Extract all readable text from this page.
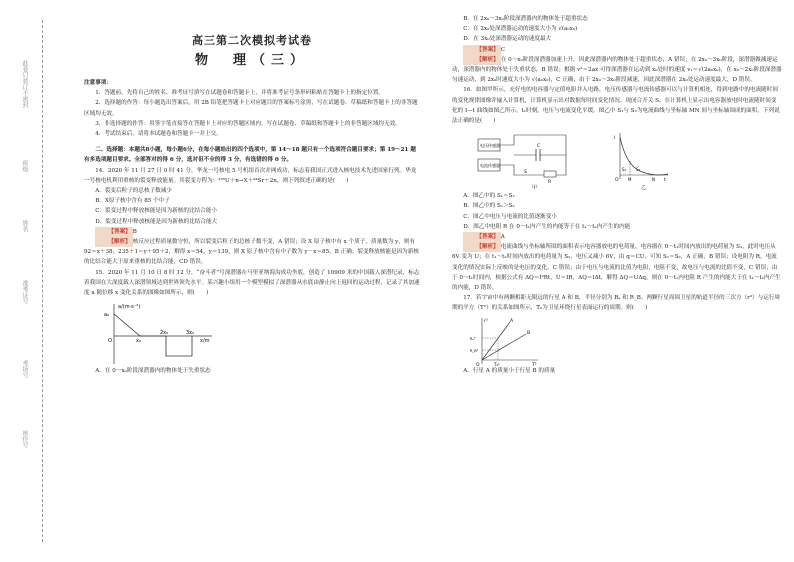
此卷只装订不密封
班级
姓名
准考证号
考场号
座位号
高三第二次模拟考试卷
物　理（三）

注意事项：

1．答题前，先将自己的姓名、准考证号填写在试题卷和答题卡上，并将准考证号条形码粘贴在答题卡上的指定位置。

2．选择题的作答：每小题选出答案后，用 2B 铅笔把答题卡上对应题目的答案标号涂黑，写在试题卷、草稿纸和答题卡上的非答题区域均无效。

3．非选择题的作答：用签字笔直接答在答题卡上对应的答题区域内。写在试题卷、草稿纸和答题卡上的非答题区域均无效。

4．考试结束后，请将本试题卷和答题卡一并上交。

二、选择题：本题共8小题，每小题6分，在每小题给出的四个选项中，第 14～18 题只有一个选项符合题目要求；第 19～21 题有多选项题目要求。全部答对的得 6 分，选对但不全的得 3 分，有选错的得 0 分。

14．2020 年 11 月 27 日 0 时 41 分，华龙一号核电 5 号机组首次并网成功，标志着我国正式进入核电技术先进国家行列。华龙一号核电机利用重核的裂变释放能量。其裂变方程为：²³⁵U＋n→X＋⁹⁴Sr＋2n，则下列叙述正确的是(　　)

A．裂变后粒子的总核子数减少

B．X原子核中含有 85 个中子

C．裂变过程中释放核能是因为新核的比结合能小

D．裂变过程中释放核能是因为新核的比结合能大

【答案】 B

【解析】 核反应过程质量数守恒，所以裂变后粒子的总核子数不变，A 错误；设 X 原子核中有 x 个质子，质量数为 y，则有 92＝x＋38，235＋1＝y＋95＋2，解得 x＝54，y＝139，则 X 原子核中含有中子数为 y－x＝85，B 正确；裂变释放核能是因为新核的比结合能大于原来重核的比结合能，CD 错误。

15．2020 年 11 月 10 日 8 时 12 分，“奋斗者”号深潜器在马里亚纳海沟成功坐底，创造了 10909 米的中国载人深潜纪录，标志着我国在大深度载人深潜领域达到世界领先水平。某兴趣小组用一个模型模拟了深潜器从水底由静止向上返回的运动过程，记录了其加速度 a 随位移 x 变化关系的图像如图所示，则(　　)

a/(m·s⁻²)
a₀
O	x₀
2x₀	3x₀
x/m

A．在 0～x₀阶段深潜器内的物体处于失重状态

B．在 2x₀～3x₀阶段深潜器内的物体处于超重状态

C．在 2x₀处深潜器运动的速度大小为 √(a₀x₀)

D．在 3x₀处深潜器运动的速度最大

【答案】 C

【解析】 在 0～x₀阶段深潜器加速上升，因此深潜器内的物体处于超重状态，A 错误；在 2x₀～3x₀阶段，深潜器做减速运动，深潜器内的物体处于失重状态，B 错误；根据 v²＝2ax 可得深潜器在运动到 x₀处时的速度 v₁＝√(2a₀x₀)，在 x₀～2x₀阶段深潜器匀速运动，到 2x₀时速度大小为 √(a₀x₀)，C 正确；由于 2x₀～3x₀阶段减速，因此深潜器在 2x₀处运动速度最大，D 错误。

16．如图甲所示，充好电的电容器与定值电阻并入电路，电压传感器与电流传感器可以与计算机相连，得到电路中的电流随时间的变化规律图像并输入计算机，计算机显示出对数据每时间变化情况。现闭合开关 S，在计算机上显示出电容器放电时电流随时间变化的 I—t 曲线如图乙所示。t₁时刻，电压与电流变化平缓。图乙中 S₁与 S₂为电流曲线与坐标轴 MN 间与坐标轴围成的面积，下列说法正确的是(　　)

电压传感器
电流传感器
R
C
S
S₁ S₂
I
t
O M	N
甲	乙

A．图乙中的 S₁＝S₂

B．图乙中的 S₁＞S₂

C．图乙中电压与电流的比值逐渐变小

D．图乙中电阻 R 在 0～t₁内产生的内能等于在 t₁～t₂内产生的内能

【答案】 A

【解析】 电流曲线与坐标轴所围的面积表示电容器放电的电荷量，电容器在 0～t₁时间内放出的电荷量为 S₁，此时电压从 6V 变为 U；在 t₁～t₂时间内放出的电荷量为 S₂，电压又减小 6V，由 q＝CU，可知 S₁＝S₂，A 正确，B 错误；设电阻为 R，电流变化的情况实际上反映的是电压的变化，C 错误；由于电压与电流的比值为电阻，电阻不变，故电压与电流的比值不变，C 错误；由于 0～t₁时间内，根据公式有 ΔQ＝I²Rt，U＝IR，ΔQ＝IΔt，解得 ΔQ＝UΔq，则在 0～t₁内电阻 R 产生的内能大于在 t₁～t₂内产生的内能，D 错误。

17．若宇宙中有两颗相距无限远的行星 A 和 B，半径分别为 Rₐ 和 R_B。两颗行星周围卫星的轨道半径的三次方（r³）与运行周期的平方（T²）的关系如图所示，T₀为卫星环绕行星表面运行的周期。则(　　)

A
B
r³
T²
O	T₀²
Rₐ³
R_B³

A．行星 A 的质量小于行星 B 的质量
